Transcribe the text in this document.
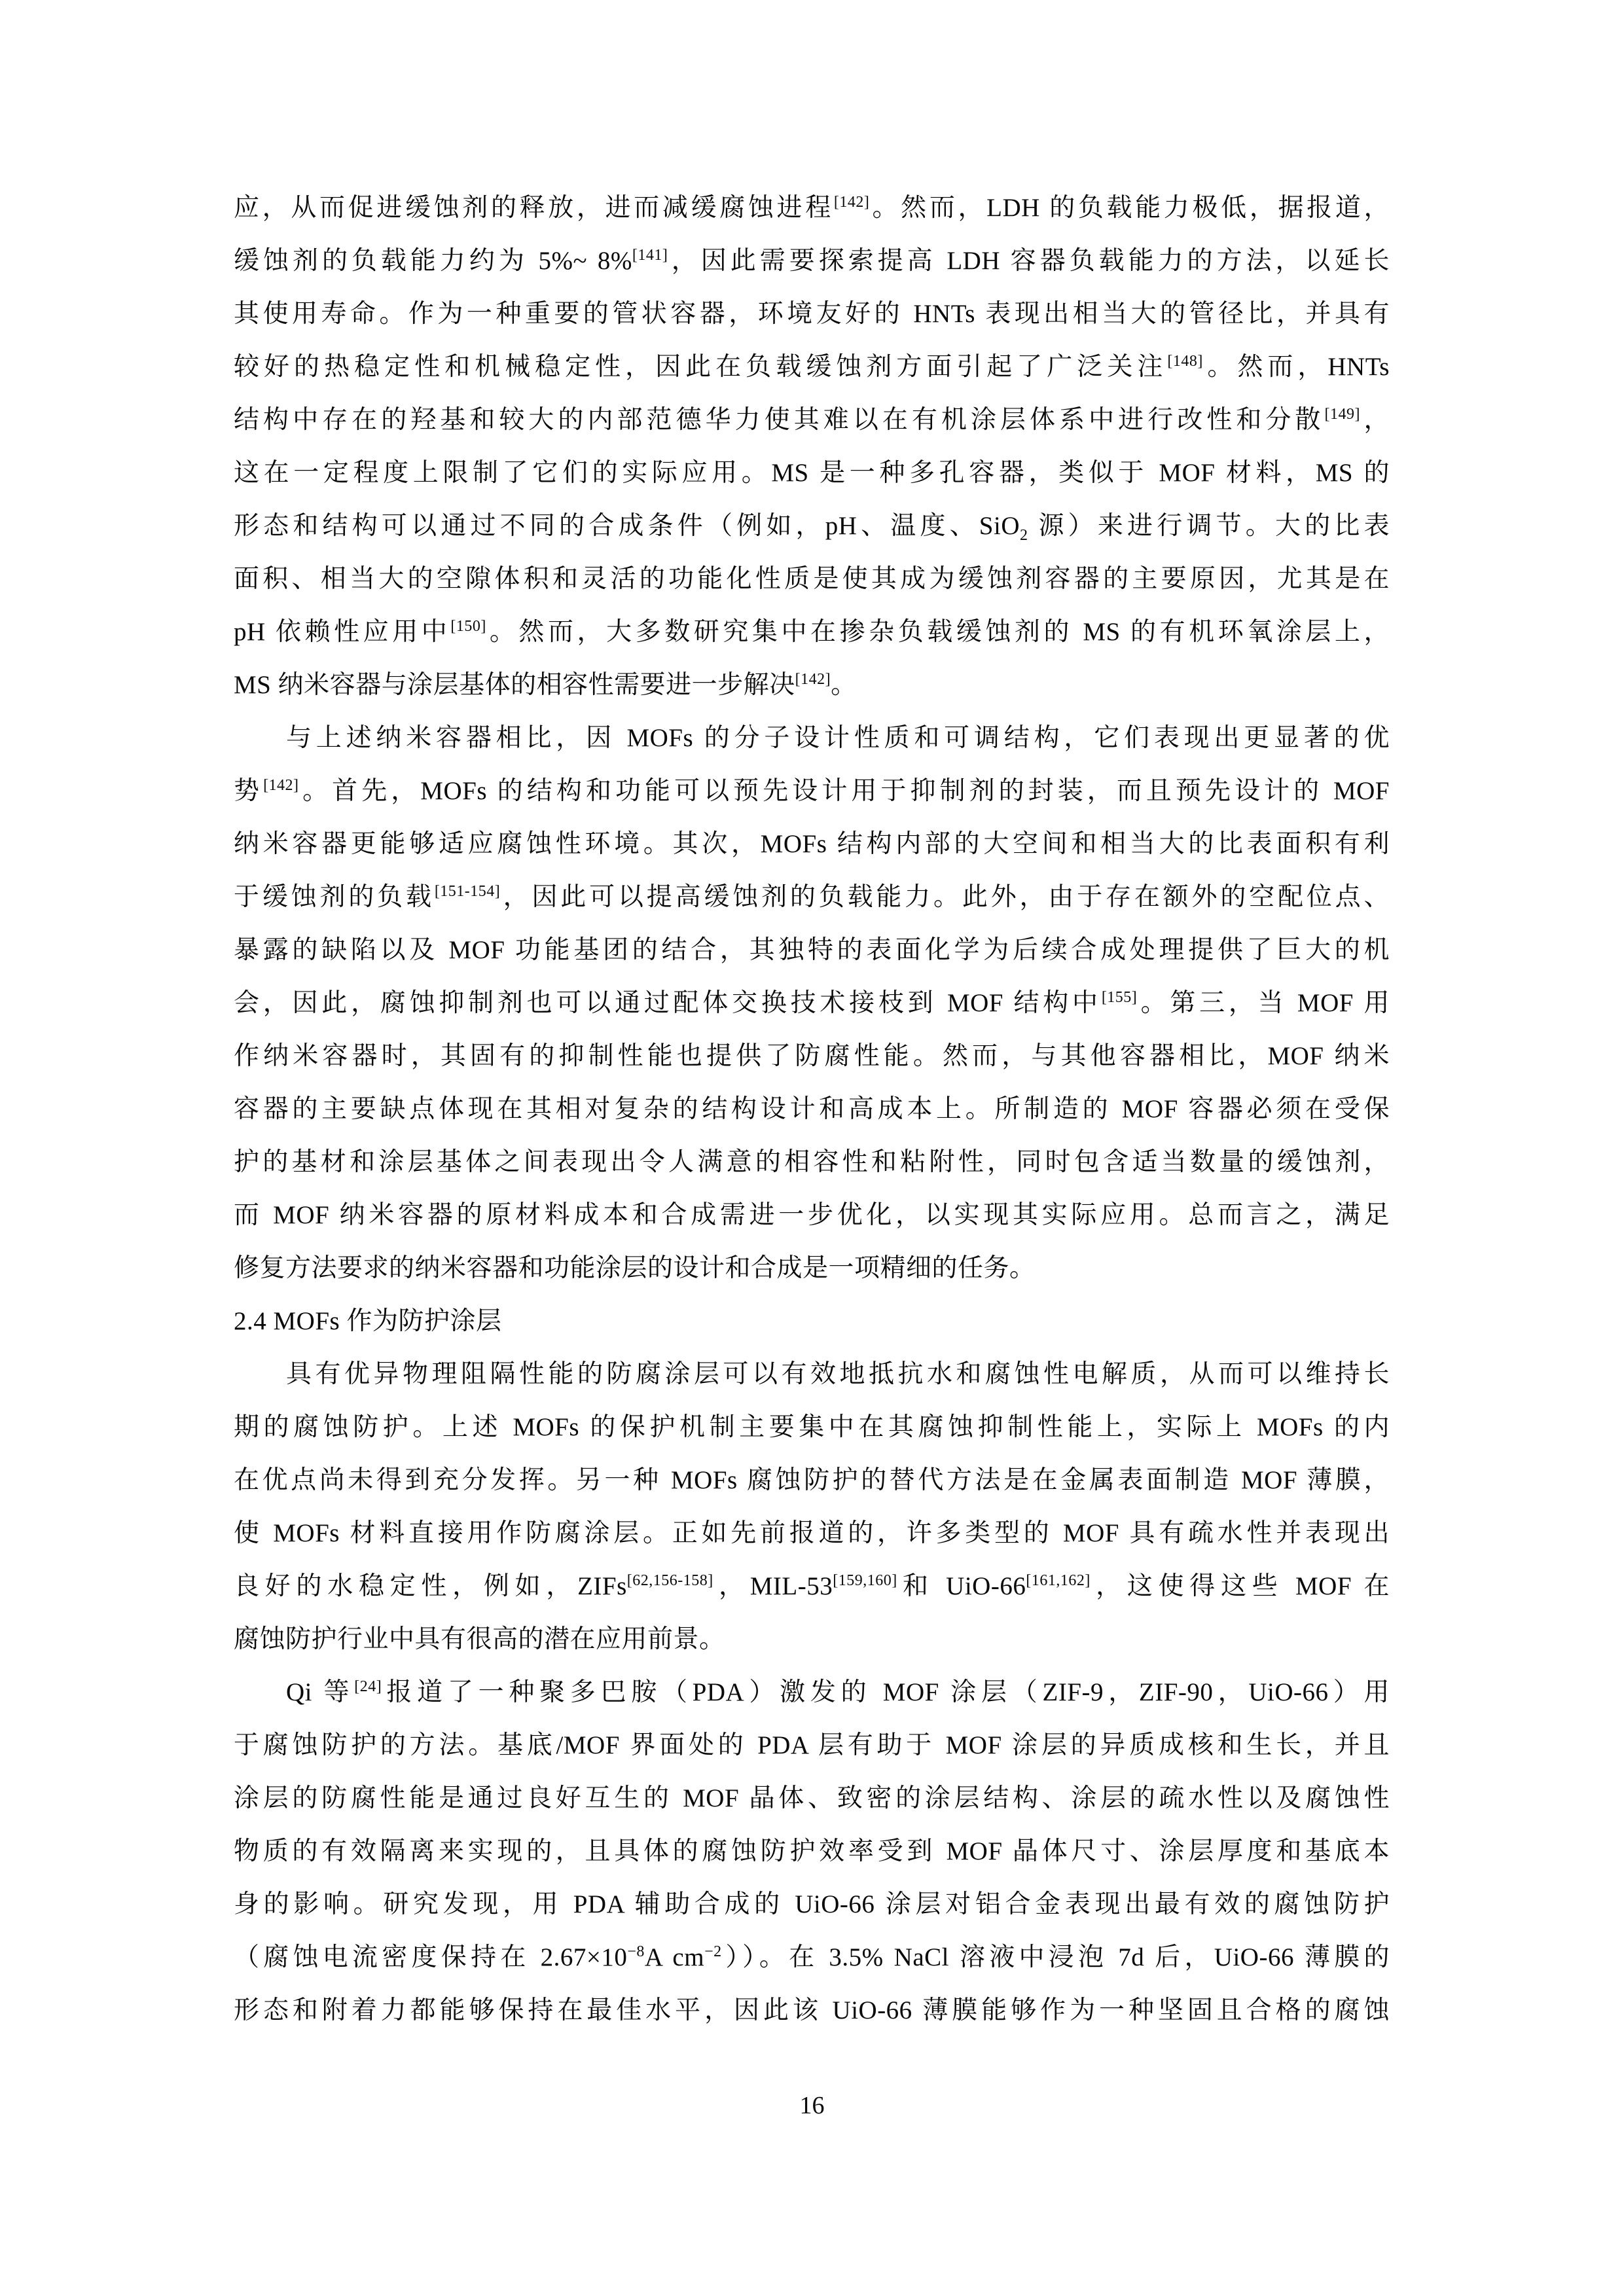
应，从而促进缓蚀剂的释放，进而减缓腐蚀进程[142]。然而，LDH 的负载能力极低，据报道，
缓蚀剂的负载能力约为 5%~ 8%[141]，因此需要探索提高 LDH 容器负载能力的方法，以延长
其使用寿命。作为一种重要的管状容器，环境友好的 HNTs 表现出相当大的管径比，并具有
较好的热稳定性和机械稳定性，因此在负载缓蚀剂方面引起了广泛关注[148]。然而，HNTs
结构中存在的羟基和较大的内部范德华力使其难以在有机涂层体系中进行改性和分散[149]，
这在一定程度上限制了它们的实际应用。MS 是一种多孔容器，类似于 MOF 材料，MS 的
形态和结构可以通过不同的合成条件（例如，pH、温度、SiO$_2$ 源）来进行调节。大的比表
面积、相当大的空隙体积和灵活的功能化性质是使其成为缓蚀剂容器的主要原因，尤其是在
pH 依赖性应用中[150]。然而，大多数研究集中在掺杂负载缓蚀剂的 MS 的有机环氧涂层上，
MS 纳米容器与涂层基体的相容性需要进一步解决[142]。
与上述纳米容器相比，因 MOFs 的分子设计性质和可调结构，它们表现出更显著的优
势[142]。首先，MOFs 的结构和功能可以预先设计用于抑制剂的封装，而且预先设计的 MOF
纳米容器更能够适应腐蚀性环境。其次，MOFs 结构内部的大空间和相当大的比表面积有利
于缓蚀剂的负载[151-154]，因此可以提高缓蚀剂的负载能力。此外，由于存在额外的空配位点、
暴露的缺陷以及 MOF 功能基团的结合，其独特的表面化学为后续合成处理提供了巨大的机
会，因此，腐蚀抑制剂也可以通过配体交换技术接枝到 MOF 结构中[155]。第三，当 MOF 用
作纳米容器时，其固有的抑制性能也提供了防腐性能。然而，与其他容器相比，MOF 纳米
容器的主要缺点体现在其相对复杂的结构设计和高成本上。所制造的 MOF 容器必须在受保
护的基材和涂层基体之间表现出令人满意的相容性和粘附性，同时包含适当数量的缓蚀剂，
而 MOF 纳米容器的原材料成本和合成需进一步优化，以实现其实际应用。总而言之，满足
修复方法要求的纳米容器和功能涂层的设计和合成是一项精细的任务。
2.4 MOFs 作为防护涂层
具有优异物理阻隔性能的防腐涂层可以有效地抵抗水和腐蚀性电解质，从而可以维持长
期的腐蚀防护。上述 MOFs 的保护机制主要集中在其腐蚀抑制性能上，实际上 MOFs 的内
在优点尚未得到充分发挥。另一种 MOFs 腐蚀防护的替代方法是在金属表面制造 MOF 薄膜，
使 MOFs 材料直接用作防腐涂层。正如先前报道的，许多类型的 MOF 具有疏水性并表现出
良好的水稳定性，例如，ZIFs[62,156-158]，MIL-53[159,160]和 UiO-66[161,162]，这使得这些 MOF 在
腐蚀防护行业中具有很高的潜在应用前景。
Qi 等[24]报道了一种聚多巴胺（PDA）激发的 MOF 涂层（ZIF-9，ZIF-90，UiO-66）用
于腐蚀防护的方法。基底/MOF 界面处的 PDA 层有助于 MOF 涂层的异质成核和生长，并且
涂层的防腐性能是通过良好互生的 MOF 晶体、致密的涂层结构、涂层的疏水性以及腐蚀性
物质的有效隔离来实现的，且具体的腐蚀防护效率受到 MOF 晶体尺寸、涂层厚度和基底本
身的影响。研究发现，用 PDA 辅助合成的 UiO-66 涂层对铝合金表现出最有效的腐蚀防护
（腐蚀电流密度保持在 $2.67\times 10^{-8}A$ $cm^{-2}$））。在 3.5% NaCl 溶液中浸泡 7d 后，UiO-66 薄膜的
形态和附着力都能够保持在最佳水平，因此该 UiO-66 薄膜能够作为一种坚固且合格的腐蚀
16
